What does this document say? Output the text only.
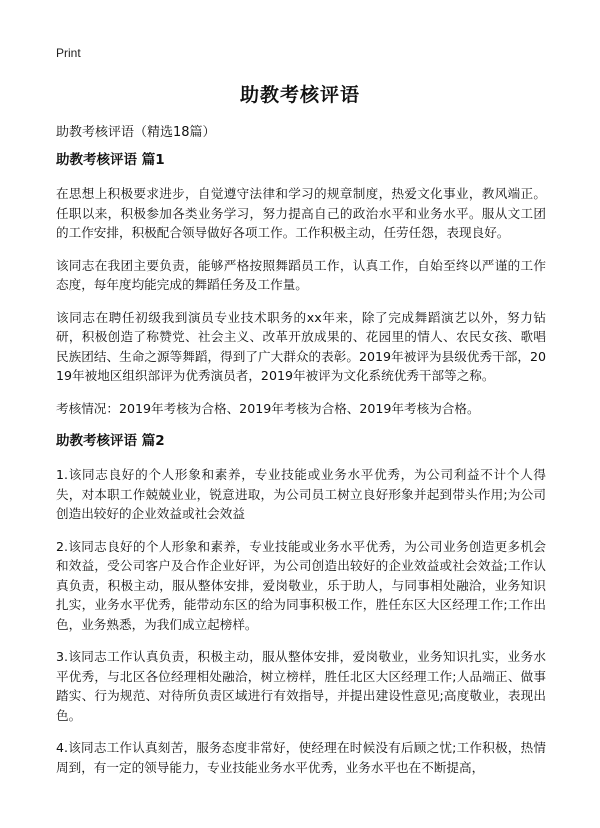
Print
助教考核评语
助教考核评语（精选18篇）
助教考核评语 篇1

在思想上积极要求进步，自觉遵守法律和学习的规章制度，热爱文化事业，教风端正。任职以来，积极参加各类业务学习，努力提高自己的政治水平和业务水平。服从文工团的工作安排，积极配合领导做好各项工作。工作积极主动，任劳任怨，表现良好。

该同志在我团主要负责，能够严格按照舞蹈员工作，认真工作，自始至终以严谨的工作态度，每年度均能完成的舞蹈任务及工作量。

该同志在聘任初级我到演员专业技术职务的xx年来，除了完成舞蹈演艺以外，努力钻研，积极创造了称赞党、社会主义、改革开放成果的、花园里的情人、农民女孩、歌唱民族团结、生命之源等舞蹈，得到了广大群众的表彰。2019年被评为县级优秀干部，2019年被地区组织部评为优秀演员者，2019年被评为文化系统优秀干部等之称。

考核情况：2019年考核为合格、2019年考核为合格、2019年考核为合格。

助教考核评语 篇2

1.该同志良好的个人形象和素养，专业技能或业务水平优秀，为公司利益不计个人得失，对本职工作兢兢业业，锐意进取，为公司员工树立良好形象并起到带头作用;为公司创造出较好的企业效益或社会效益

2.该同志良好的个人形象和素养，专业技能或业务水平优秀，为公司业务创造更多机会和效益，受公司客户及合作企业好评，为公司创造出较好的企业效益或社会效益;工作认真负责，积极主动，服从整体安排，爱岗敬业，乐于助人，与同事相处融洽，业务知识扎实，业务水平优秀，能带动东区的给为同事积极工作，胜任东区大区经理工作;工作出色，业务熟悉，为我们成立起榜样。

3.该同志工作认真负责，积极主动，服从整体安排，爱岗敬业，业务知识扎实，业务水平优秀，与北区各位经理相处融洽，树立榜样，胜任北区大区经理工作;人品端正、做事踏实、行为规范、对待所负责区域进行有效指导，并提出建设性意见;高度敬业，表现出色。

4.该同志工作认真刻苦，服务态度非常好，使经理在时候没有后顾之忧;工作积极，热情周到，有一定的领导能力，专业技能业务水平优秀，业务水平也在不断提高，
